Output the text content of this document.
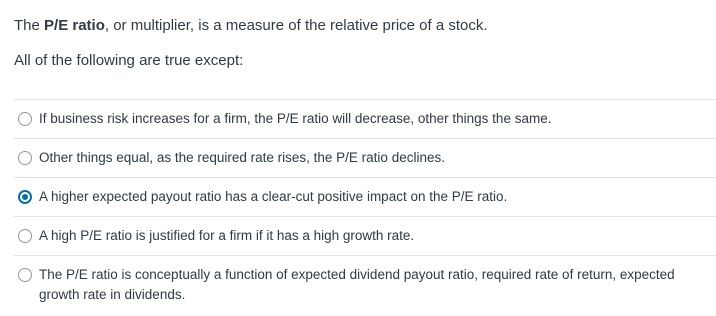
The P/E ratio, or multiplier, is a measure of the relative price of a stock.

All of the following are true except:

If business risk increases for a firm, the P/E ratio will decrease, other things the same.
Other things equal, as the required rate rises, the P/E ratio declines.
A higher expected payout ratio has a clear-cut positive impact on the P/E ratio.
A high P/E ratio is justified for a firm if it has a high growth rate.
The P/E ratio is conceptually a function of expected dividend payout ratio, required rate of return, expected growth rate in dividends.
